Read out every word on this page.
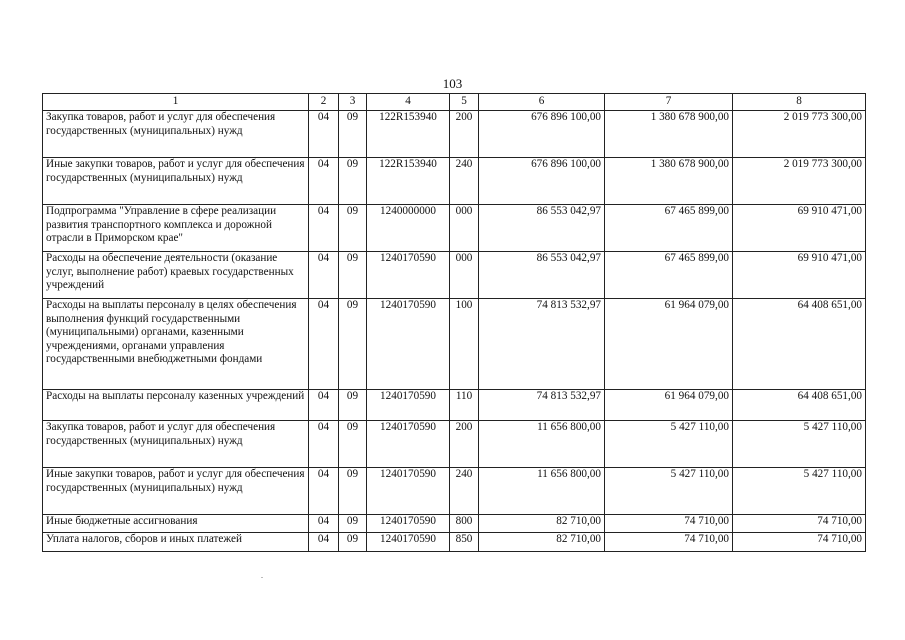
103
1	2	3	4	5	6	7	8
Закупка товаров, работ и услуг для обеспечения государственных (муниципальных) нужд	04	09	122R153940	200	676 896 100,00	1 380 678 900,00	2 019 773 300,00
Иные закупки товаров, работ и услуг для обеспечения государственных (муниципальных) нужд	04	09	122R153940	240	676 896 100,00	1 380 678 900,00	2 019 773 300,00
Подпрограмма "Управление в сфере реализации развития транспортного комплекса и дорожной отрасли в Приморском крае"	04	09	1240000000	000	86 553 042,97	67 465 899,00	69 910 471,00
Расходы на обеспечение деятельности (оказание услуг, выполнение работ) краевых государственных учреждений	04	09	1240170590	000	86 553 042,97	67 465 899,00	69 910 471,00
Расходы на выплаты персоналу в целях обеспечения выполнения функций государственными (муниципальными) органами, казенными учреждениями, органами управления государственными внебюджетными фондами	04	09	1240170590	100	74 813 532,97	61 964 079,00	64 408 651,00
Расходы на выплаты персоналу казенных учреждений	04	09	1240170590	110	74 813 532,97	61 964 079,00	64 408 651,00
Закупка товаров, работ и услуг для обеспечения государственных (муниципальных) нужд	04	09	1240170590	200	11 656 800,00	5 427 110,00	5 427 110,00
Иные закупки товаров, работ и услуг для обеспечения государственных (муниципальных) нужд	04	09	1240170590	240	11 656 800,00	5 427 110,00	5 427 110,00
Иные бюджетные ассигнования	04	09	1240170590	800	82 710,00	74 710,00	74 710,00
Уплата налогов, сборов и иных платежей	04	09	1240170590	850	82 710,00	74 710,00	74 710,00
